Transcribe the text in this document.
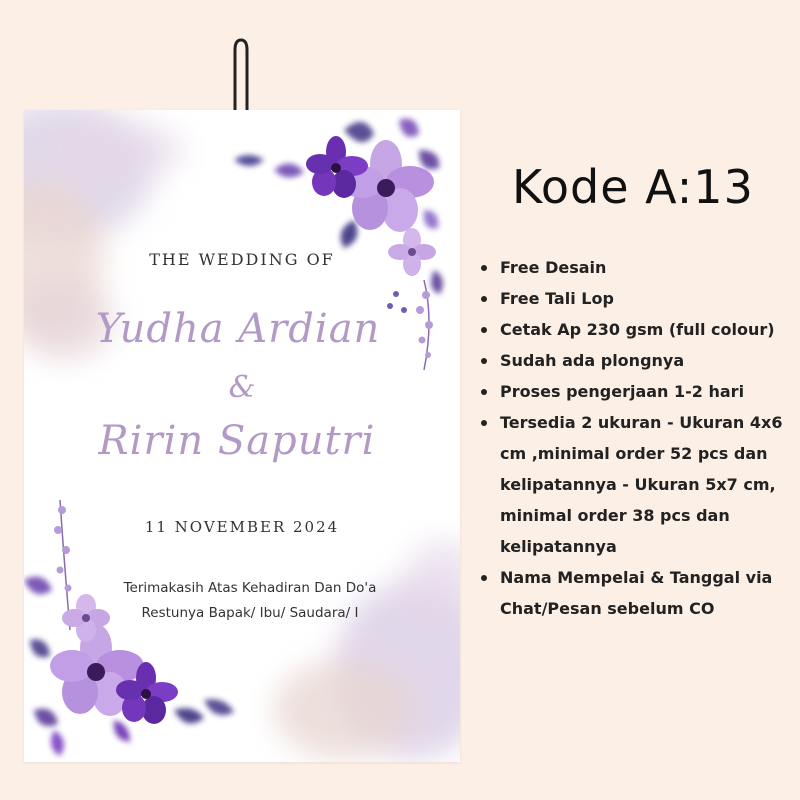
THE WEDDING OF
Yudha Ardian
&
Ririn Saputri
11 NOVEMBER 2024
Terimakasih Atas Kehadiran Dan Do'a
Restunya Bapak/ Ibu/ Saudara/ I
Kode A:13
Free Desain
Free Tali Lop
Cetak Ap 230 gsm (full colour)
Sudah ada plongnya
Proses pengerjaan 1-2 hari
Tersedia 2 ukuran - Ukuran 4x6 cm ,minimal order 52 pcs dan kelipatannya - Ukuran 5x7 cm, minimal order 38 pcs dan kelipatannya
Nama Mempelai & Tanggal via Chat/Pesan sebelum CO
